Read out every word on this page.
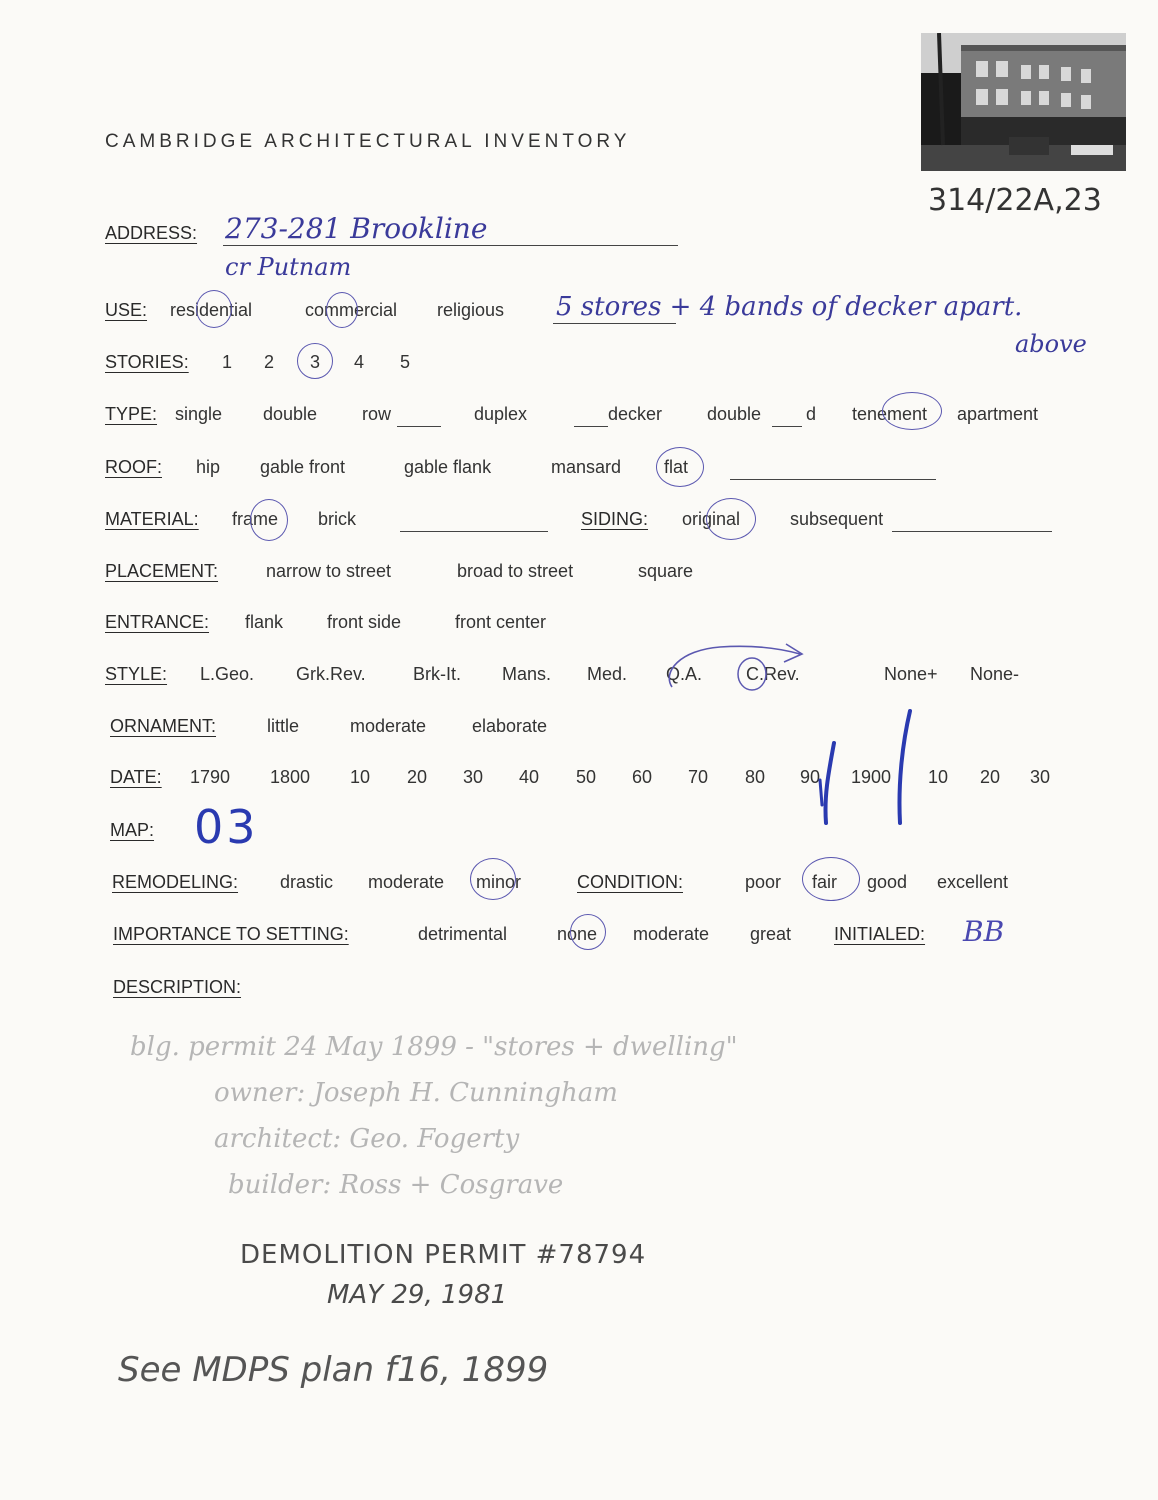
314/22A,23
CAMBRIDGE ARCHITECTURAL INVENTORY
ADDRESS: 273-281 Brookline
cr Putnam
USE: residential	commercial religious 5 stores + 4 bands of decker apart.
above
STORIES: 1 2 3 4 5
TYPE: single double row	duplex	decker double d tenement apartment
ROOF: hip gable front	gable flank	mansard flat
MATERIAL: frame brick	SIDING: original	subsequent
PLACEMENT:	narrow to street	broad to street	square
ENTRANCE: flank front side	front center
STYLE: L.Geo. Grk.Rev.	Brk-It. Mans. Med. Q.A. C.Rev.	None+ None-
ORNAMENT:	little	moderate	elaborate
DATE: 1790 1800 10 20 30 40 50 60 70 80 90 1900 10 20 30
MAP: 03
REMODELING: drastic moderate minor	CONDITION:	poor fair good excellent
IMPORTANCE TO SETTING:	detrimental	none moderate great INITIALED: BB
DESCRIPTION:
blg. permit 24 May 1899 - "stores + dwelling"
owner: Joseph H. Cunningham
architect: Geo. Fogerty
builder: Ross + Cosgrave
DEMOLITION PERMIT #78794
MAY 29, 1981
See MDPS plan f16, 1899
